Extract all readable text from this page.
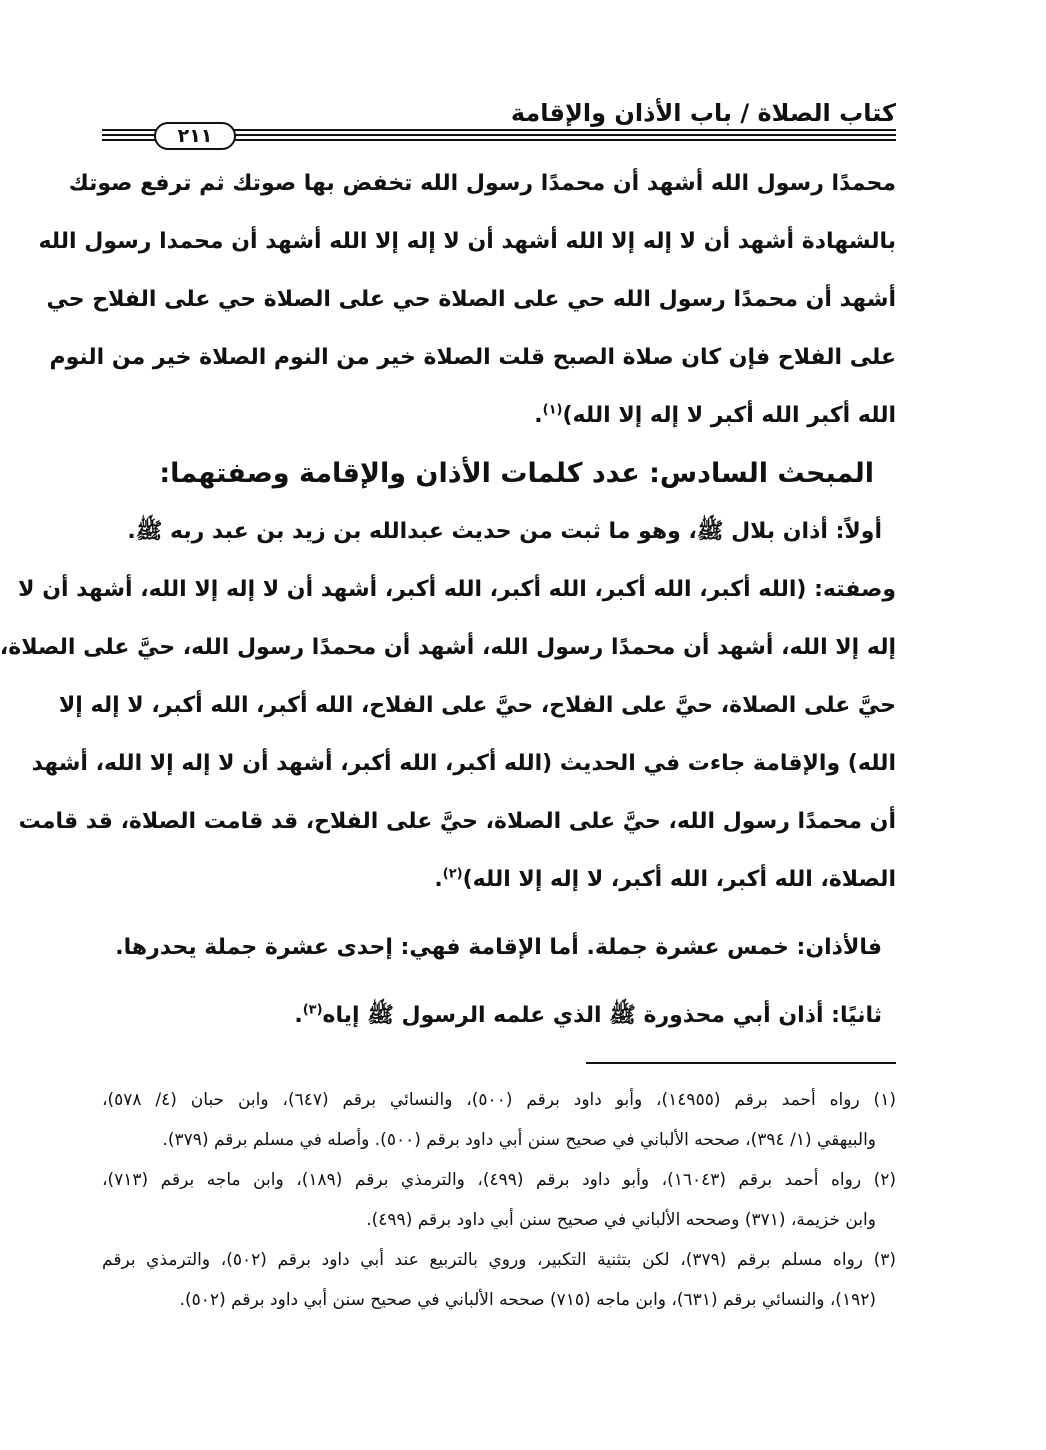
كتاب الصلاة / باب الأذان والإقامة
٢١١
محمدًا رسول الله أشهد أن محمدًا رسول الله تخفض بها صوتك ثم ترفع صوتك
بالشهادة أشهد أن لا إله إلا الله أشهد أن لا إله إلا الله أشهد أن محمدا رسول الله
أشهد أن محمدًا رسول الله حي على الصلاة حي على الصلاة حي على الفلاح حي
على الفلاح فإن كان صلاة الصبح قلت الصلاة خير من النوم الصلاة خير من النوم
الله أكبر الله أكبر لا إله إلا الله)$^{(١)}$.
المبحث السادس: عدد كلمات الأذان والإقامة وصفتهما:
أولاً: أذان بلال ﷺ، وهو ما ثبت من حديث عبدالله بن زيد بن عبد ربه ﷺ.
وصفته: (الله أكبر، الله أكبر، الله أكبر، الله أكبر، أشهد أن لا إله إلا الله، أشهد أن لا
إله إلا الله، أشهد أن محمدًا رسول الله، أشهد أن محمدًا رسول الله، حيَّ على الصلاة،
حيَّ على الصلاة، حيَّ على الفلاح، حيَّ على الفلاح، الله أكبر، الله أكبر، لا إله إلا
الله) والإقامة جاءت في الحديث (الله أكبر، الله أكبر، أشهد أن لا إله إلا الله، أشهد
أن محمدًا رسول الله، حيَّ على الصلاة، حيَّ على الفلاح، قد قامت الصلاة، قد قامت
الصلاة، الله أكبر، الله أكبر، لا إله إلا الله)$^{(٢)}$.
فالأذان: خمس عشرة جملة. أما الإقامة فهي: إحدى عشرة جملة يحدرها.
ثانيًا: أذان أبي محذورة ﷺ الذي علمه الرسول ﷺ إياه$^{(٣)}$.
(١) رواه أحمد برقم (١٤٩٥٥)، وأبو داود برقم (٥٠٠)، والنسائي برقم (٦٤٧)، وابن حبان (٤/ ٥٧٨)،
والبيهقي (١/ ٣٩٤)، صححه الألباني في صحيح سنن أبي داود برقم (٥٠٠). وأصله في مسلم برقم (٣٧٩).
(٢) رواه أحمد برقم (١٦٠٤٣)، وأبو داود برقم (٤٩٩)، والترمذي برقم (١٨٩)، وابن ماجه برقم (٧١٣)،
وابن خزيمة، (٣٧١) وصححه الألباني في صحيح سنن أبي داود برقم (٤٩٩).
(٣) رواه مسلم برقم (٣٧٩)، لكن بتثنية التكبير، وروي بالتربيع عند أبي داود برقم (٥٠٢)، والترمذي برقم
(١٩٢)، والنسائي برقم (٦٣١)، وابن ماجه (٧١٥) صححه الألباني في صحيح سنن أبي داود برقم (٥٠٢).
